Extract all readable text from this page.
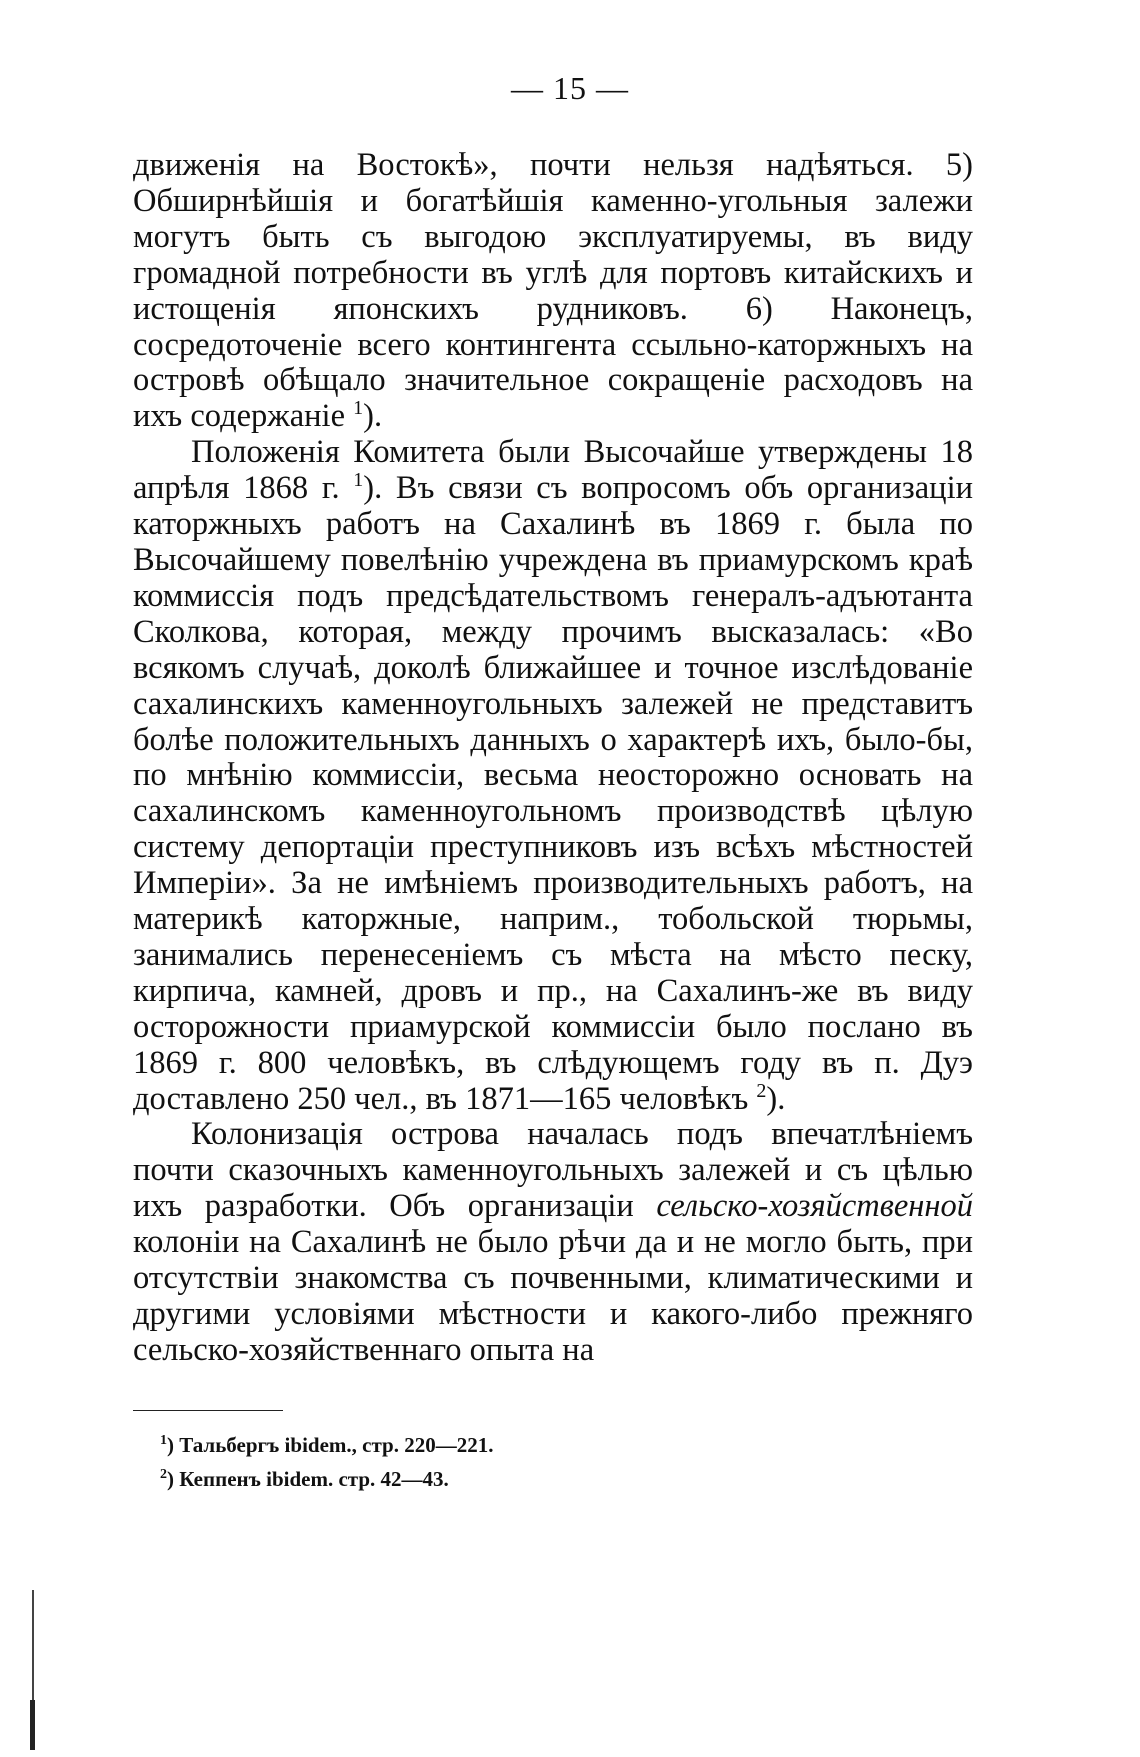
— 15 —

движенія на Востокѣ», почти нельзя надѣяться. 5) Обширнѣйшія и богатѣйшія каменно-угольныя залежи могутъ быть съ выгодою эксплуатируемы, въ виду громадной потребности въ углѣ для портовъ китайскихъ и истощенія японскихъ рудниковъ. 6) Наконецъ, сосредоточеніе всего контингента ссыльно-каторжныхъ на островѣ обѣщало значительное сокращеніе расходовъ на ихъ содержаніе $^1$).

Положенія Комитета были Высочайше утверждены 18 апрѣля 1868 г. $^1$). Въ связи съ вопросомъ объ организаціи каторжныхъ работъ на Сахалинѣ въ 1869 г. была по Высочайшему повелѣнію учреждена въ приамурскомъ краѣ коммиссія подъ предсѣдательствомъ генералъ-адъютанта Сколкова, которая, между прочимъ высказалась: «Во всякомъ случаѣ, доколѣ ближайшее и точное изслѣдованіе сахалинскихъ каменноугольныхъ залежей не представитъ болѣе положительныхъ данныхъ о характерѣ ихъ, было-бы, по мнѣнію коммиссіи, весьма неосторожно основать на сахалинскомъ каменноугольномъ производствѣ цѣлую систему депортаціи преступниковъ изъ всѣхъ мѣстностей Имперіи». За не имѣніемъ производительныхъ работъ, на материкѣ каторжные, наприм., тобольской тюрьмы, занимались перенесеніемъ съ мѣста на мѣсто песку, кирпича, камней, дровъ и пр., на Сахалинъ-же въ виду осторожности приамурской коммиссіи было послано въ 1869 г. 800 человѣкъ, въ слѣдующемъ году въ п. Дуэ доставлено 250 чел., въ 1871—165 человѣкъ $^2$).

Колонизація острова началась подъ впечатлѣніемъ почти сказочныхъ каменноугольныхъ залежей и съ цѣлью ихъ разработки. Объ организаціи сельско-хозяйственной колоніи на Сахалинѣ не было рѣчи да и не могло быть, при отсутствіи знакомства съ почвенными, климатическими и другими условіями мѣстности и какого-либо прежняго сельско-хозяйственнаго опыта на

$^1$) Тальбергъ ibidem., стр. 220—221.
$^2$) Кеппенъ ibidem. стр. 42—43.
